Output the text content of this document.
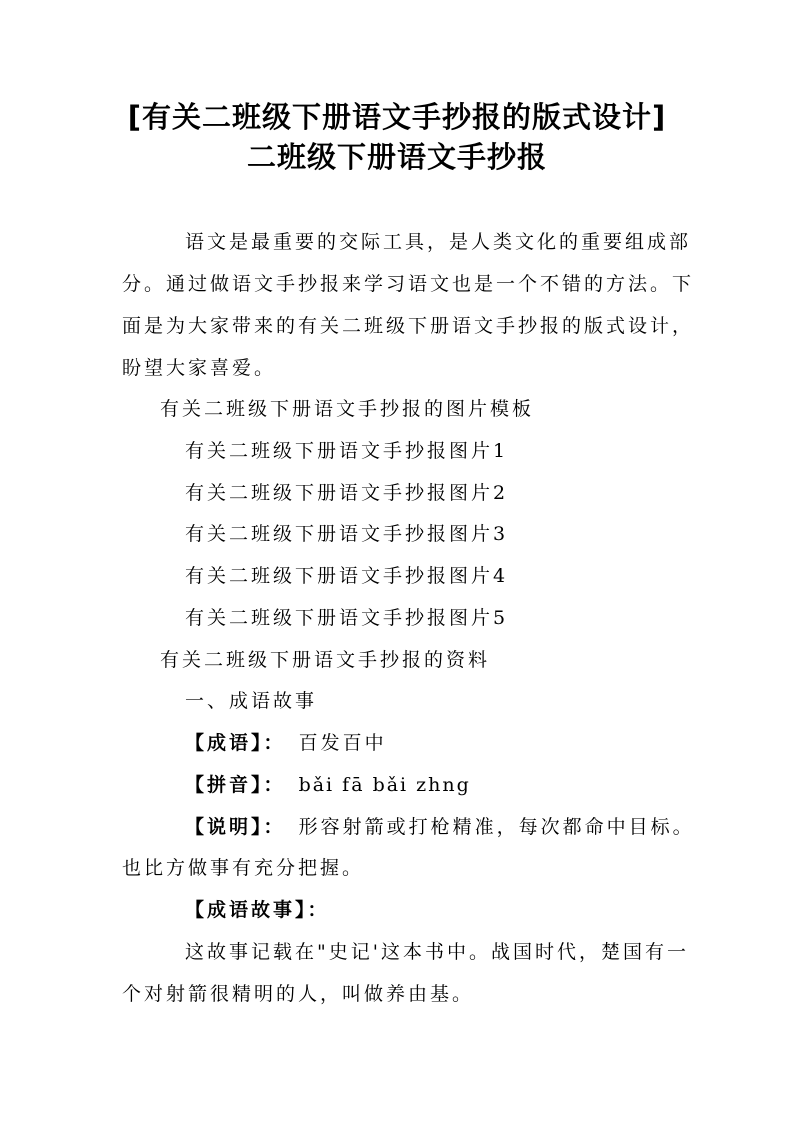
[有关二班级下册语文手抄报的版式设计]
二班级下册语文手抄报
语文是最重要的交际工具，是人类文化的重要组成部
分。通过做语文手抄报来学习语文也是一个不错的方法。下
面是为大家带来的有关二班级下册语文手抄报的版式设计，
盼望大家喜爱。
有关二班级下册语文手抄报的图片模板
有关二班级下册语文手抄报图片1
有关二班级下册语文手抄报图片2
有关二班级下册语文手抄报图片3
有关二班级下册语文手抄报图片4
有关二班级下册语文手抄报图片5
有关二班级下册语文手抄报的资料
一、成语故事
【成语】： 百发百中
【拼音】： bǎi fā bǎi zhng
【说明】： 形容射箭或打枪精准，每次都命中目标。
也比方做事有充分把握。
【成语故事】：
这故事记载在"史记'这本书中。战国时代，楚国有一
个对射箭很精明的人，叫做养由基。
